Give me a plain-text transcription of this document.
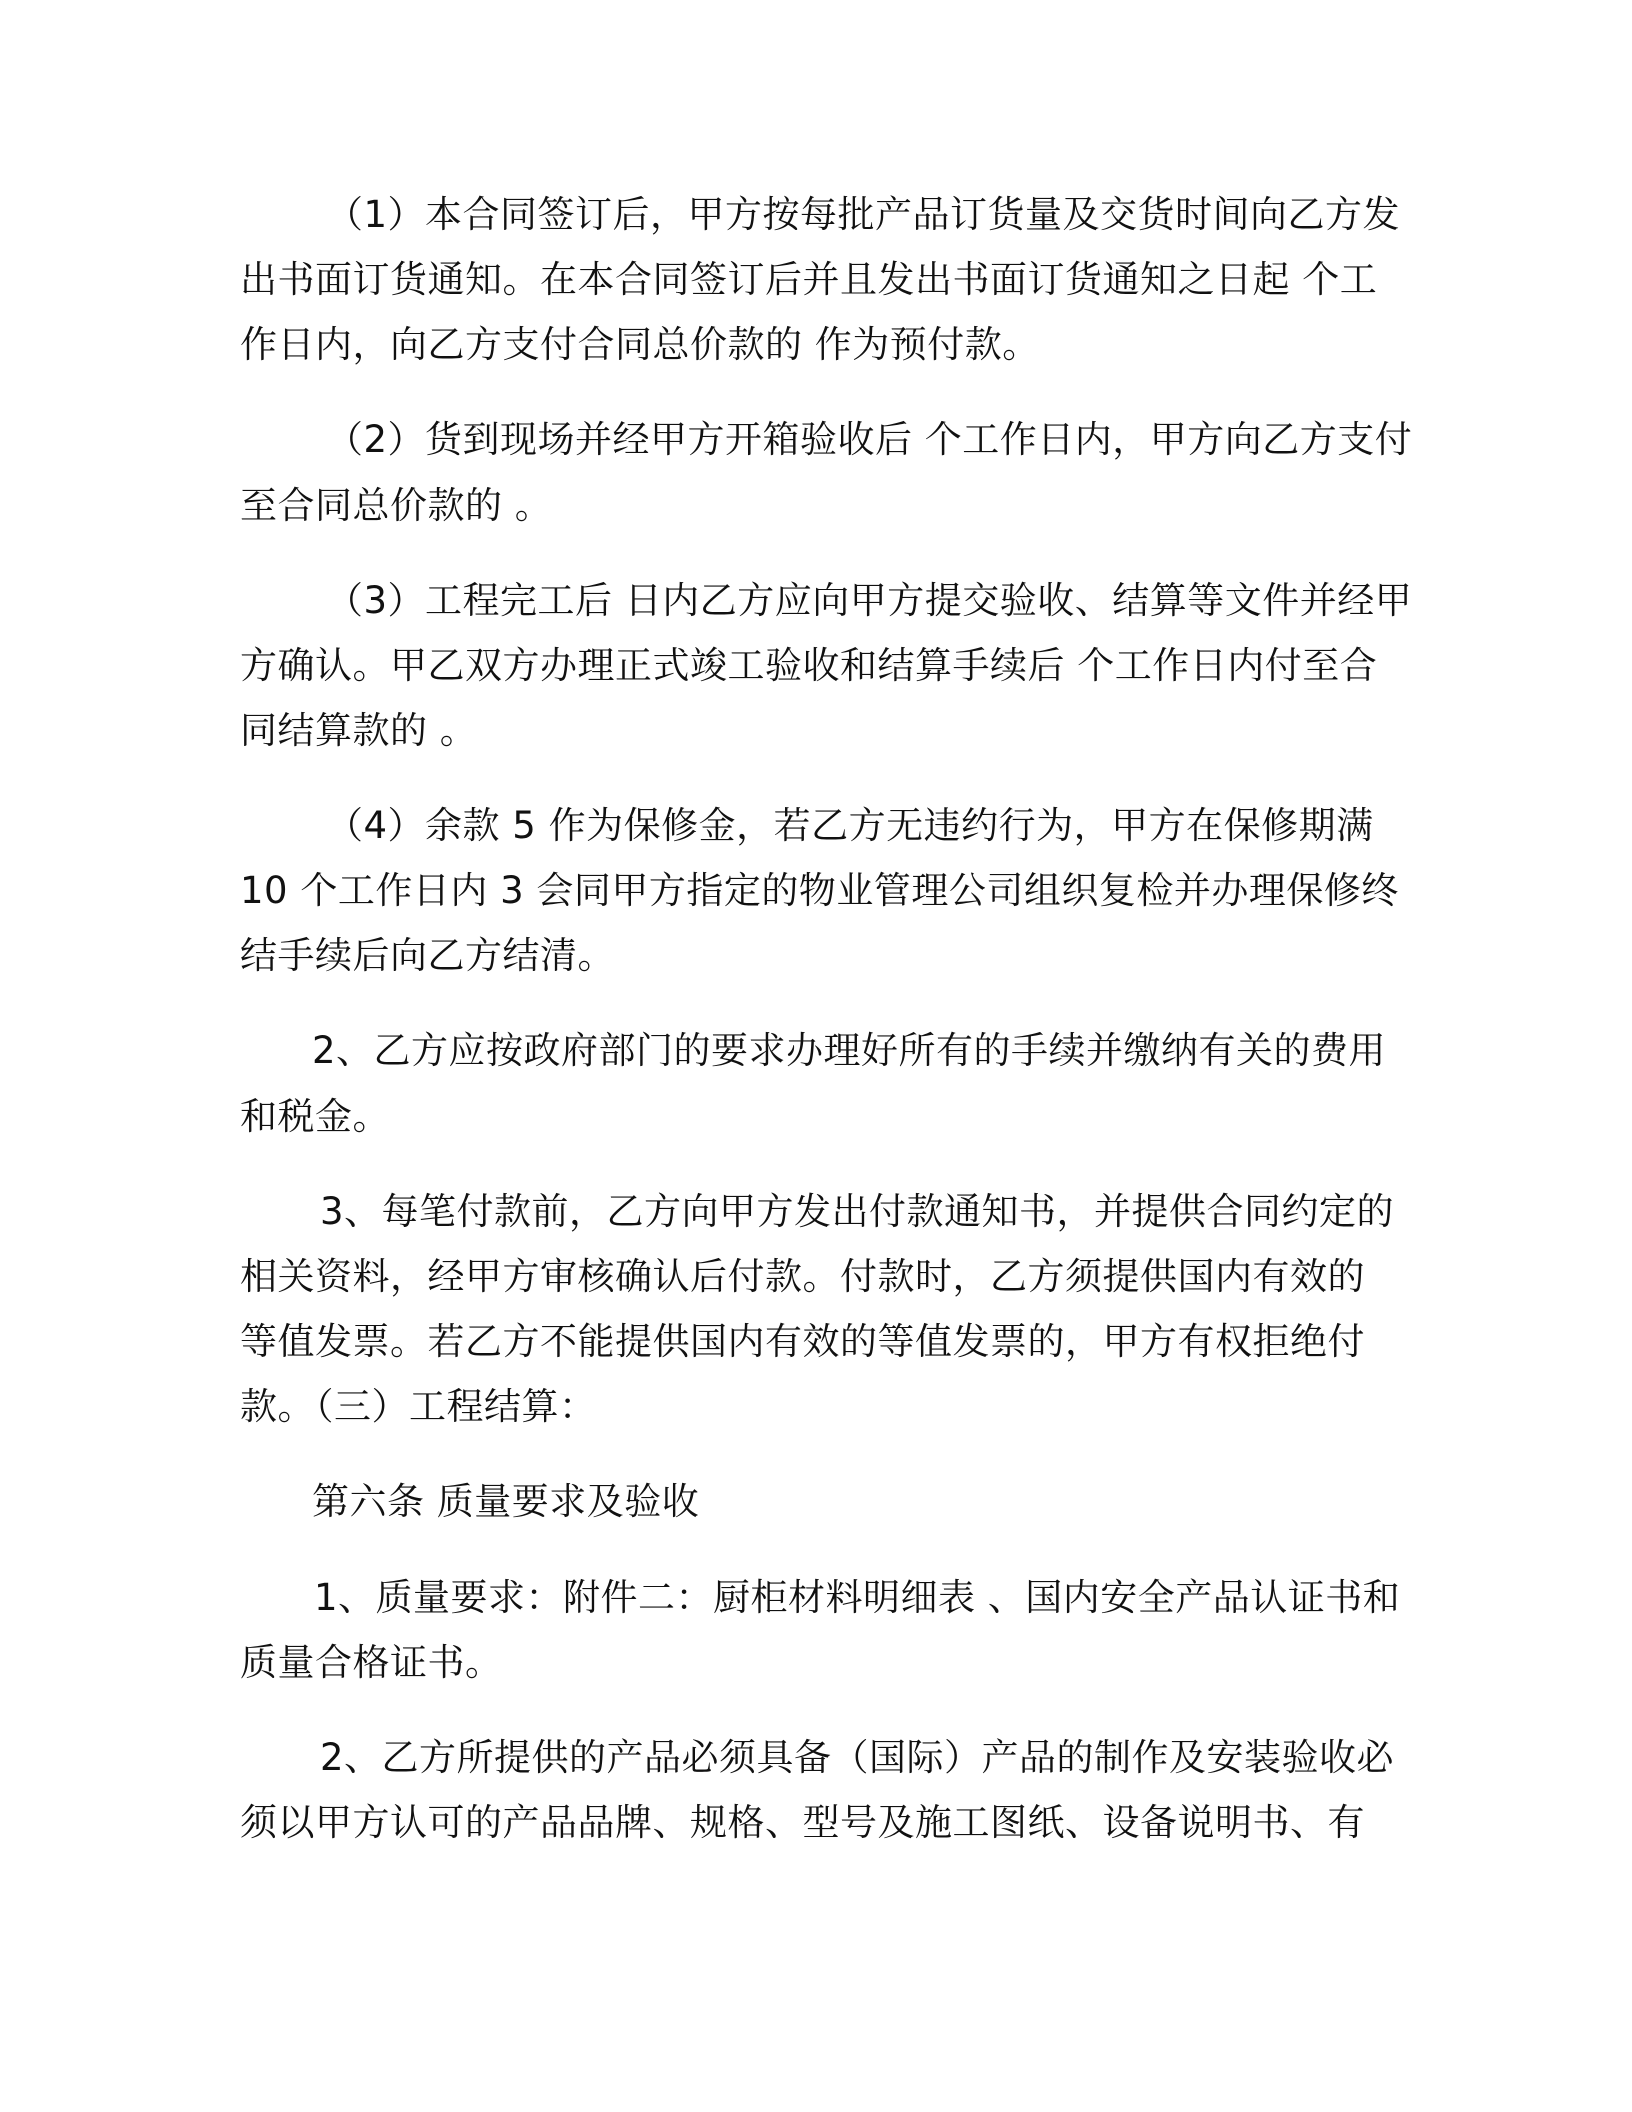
（1）本合同签订后，甲方按每批产品订货量及交货时间向乙方发
出书面订货通知。在本合同签订后并且发出书面订货通知之日起 个工
作日内，向乙方支付合同总价款的 作为预付款。
（2）货到现场并经甲方开箱验收后 个工作日内，甲方向乙方支付
至合同总价款的 。
（3）工程完工后 日内乙方应向甲方提交验收、结算等文件并经甲
方确认。甲乙双方办理正式竣工验收和结算手续后 个工作日内付至合
同结算款的 。
（4）余款 5 作为保修金，若乙方无违约行为，甲方在保修期满
10 个工作日内 3 会同甲方指定的物业管理公司组织复检并办理保修终
结手续后向乙方结清。
2、乙方应按政府部门的要求办理好所有的手续并缴纳有关的费用
和税金。
3、每笔付款前，乙方向甲方发出付款通知书，并提供合同约定的
相关资料，经甲方审核确认后付款。付款时，乙方须提供国内有效的
等值发票。若乙方不能提供国内有效的等值发票的，甲方有权拒绝付
款。（三）工程结算：
第六条 质量要求及验收
1、质量要求：附件二：厨柜材料明细表 、国内安全产品认证书和
质量合格证书。
2、乙方所提供的产品必须具备（国际）产品的制作及安装验收必
须以甲方认可的产品品牌、规格、型号及施工图纸、设备说明书、有
